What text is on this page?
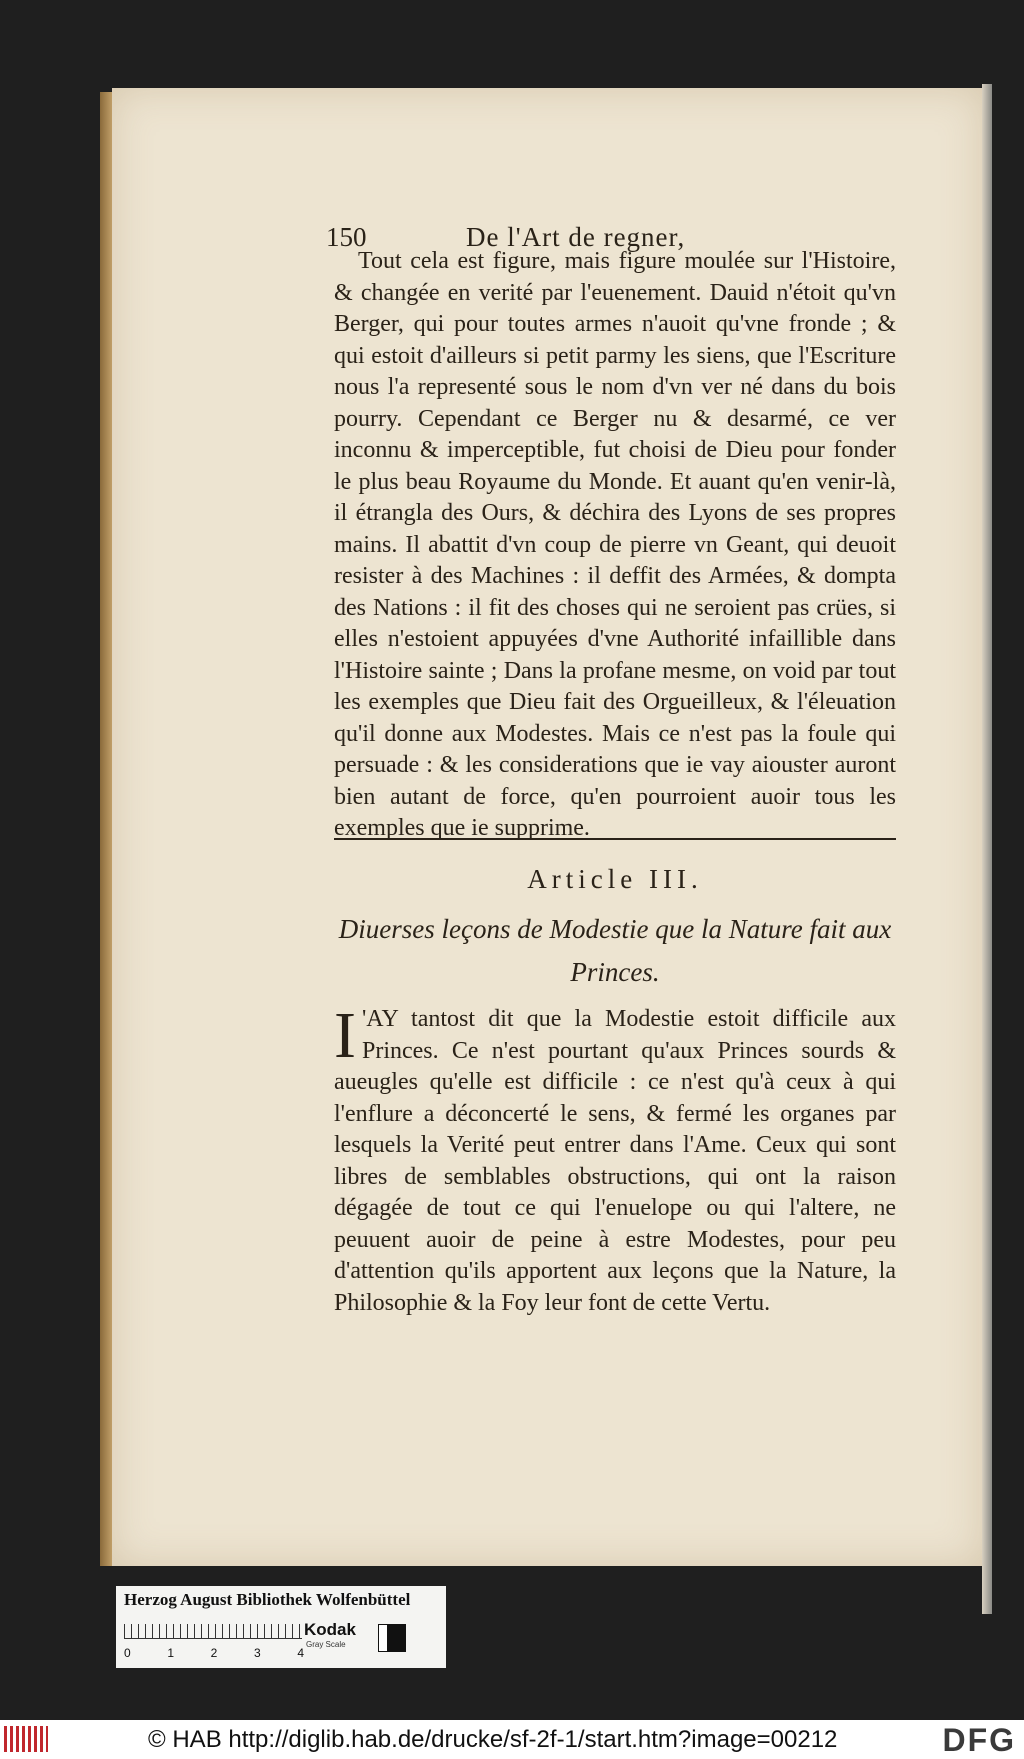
150	De l'Art de regner,
Tout cela est figure, mais figure moulée sur l'Histoire, & changée en verité par l'euenement. Dauid n'étoit qu'vn Berger, qui pour toutes armes n'auoit qu'vne fronde ; & qui estoit d'ailleurs si petit parmy les siens, que l'Escriture nous l'a representé sous le nom d'vn ver né dans du bois pourry. Cependant ce Berger nu & desarmé, ce ver inconnu & imperceptible, fut choisi de Dieu pour fonder le plus beau Royaume du Monde. Et auant qu'en venir-là, il étrangla des Ours, & déchira des Lyons de ses propres mains. Il abattit d'vn coup de pierre vn Geant, qui deuoit resister à des Machines : il deffit des Armées, & dompta des Nations : il fit des choses qui ne seroient pas crües, si elles n'estoient appuyées d'vne Authorité infaillible dans l'Histoire sainte ; Dans la profane mesme, on void par tout les exemples que Dieu fait des Orgueilleux, & l'éleuation qu'il donne aux Modestes. Mais ce n'est pas la foule qui persuade : & les considerations que ie vay aiouster auront bien autant de force, qu'en pourroient auoir tous les exemples que ie supprime.
Article III.
Diuerses leçons de Modestie que la Nature fait aux Princes.
I 'AY tantost dit que la Modestie estoit difficile aux Princes. Ce n'est pourtant qu'aux Princes sourds & aueugles qu'elle est difficile : ce n'est qu'à ceux à qui l'enflure a déconcerté le sens, & fermé les organes par lesquels la Verité peut entrer dans l'Ame. Ceux qui sont libres de semblables obstructions, qui ont la raison dégagée de tout ce qui l'enuelope ou qui l'altere, ne peuuent auoir de peine à estre Modestes, pour peu d'attention qu'ils apportent aux leçons que la Nature, la Philosophie & la Foy leur font de cette Vertu.
Herzog August Bibliothek Wolfenbüttel
0	1	2	3	4
Kodak
Gray Scale
© HAB http://diglib.hab.de/drucke/sf-2f-1/start.htm?image=00212	DFG
